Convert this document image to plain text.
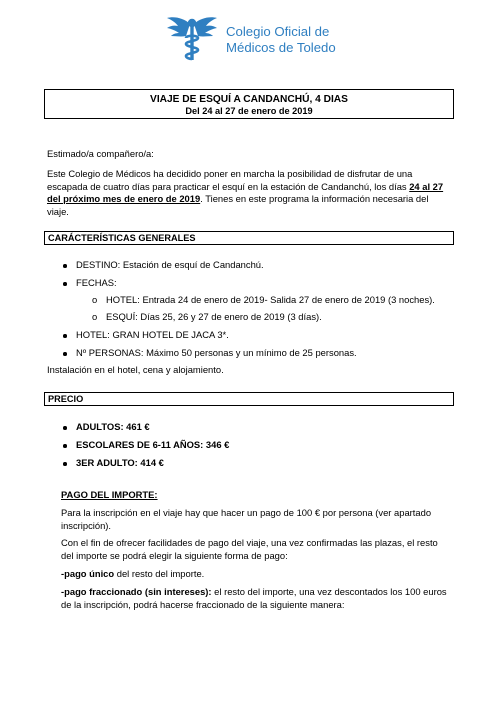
Colegio Oficial de
Médicos de Toledo
VIAJE DE ESQUÍ A CANDANCHÚ, 4 DIAS
Del 24 al 27 de enero de 2019

Estimado/a compañero/a:

Este Colegio de Médicos ha decidido poner en marcha la posibilidad de disfrutar de una escapada de cuatro días para practicar el esquí en la estación de Candanchú, los días 24 al 27 del próximo mes de enero de 2019. Tienes en este programa la información necesaria del viaje.

CARÁCTERÍSTICAS GENERALES
DESTINO: Estación de esquí de Candanchú.
FECHAS:
o HOTEL: Entrada 24 de enero de 2019- Salida 27 de enero de 2019 (3 noches).
o ESQUÍ: Días 25, 26 y 27 de enero de 2019 (3 días).
HOTEL: GRAN HOTEL DE JACA 3*.
Nº PERSONAS: Máximo 50 personas y un mínimo de 25 personas.

Instalación en el hotel, cena y alojamiento.

PRECIO
ADULTOS: 461 €
ESCOLARES DE 6-11 AÑOS: 346 €
3ER ADULTO: 414 €

PAGO DEL IMPORTE:

Para la inscripción en el viaje hay que hacer un pago de 100 € por persona (ver apartado inscripción).

Con el fin de ofrecer facilidades de pago del viaje, una vez confirmadas las plazas, el resto del importe se podrá elegir la siguiente forma de pago:

-pago único del resto del importe.

-pago fraccionado (sin intereses): el resto del importe, una vez descontados los 100 euros de la inscripción, podrá hacerse fraccionado de la siguiente manera:
